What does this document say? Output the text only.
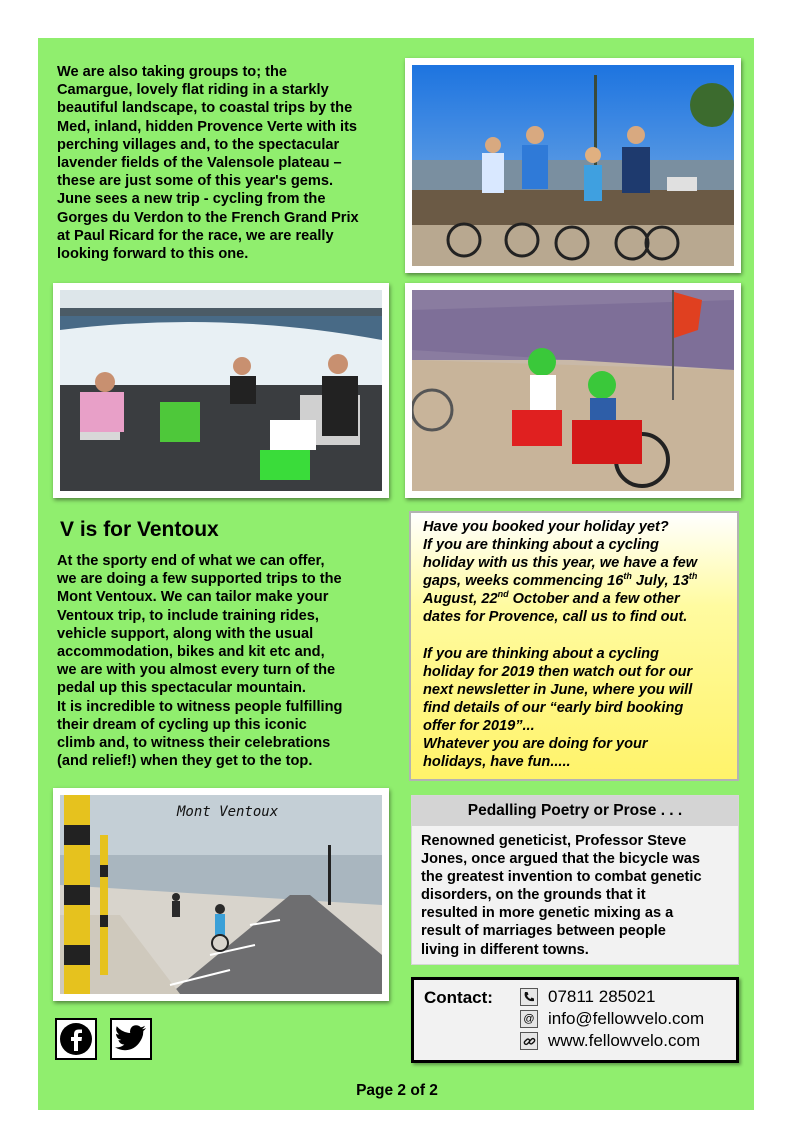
We are also taking groups to; the

Camargue, lovely flat riding in a starkly

beautiful landscape, to coastal trips by the

Med, inland, hidden Provence Verte with its

perching villages and, to the spectacular

lavender fields of the Valensole plateau –

these are just some of this year's gems.

June sees a new trip - cycling from the

Gorges du Verdon to the French Grand Prix

at Paul Ricard for the race, we are really

looking forward to this one.

V is for Ventoux

At the sporty end of what we can offer,

we are doing a few supported trips to the

Mont Ventoux. We can tailor make your

Ventoux trip, to include training rides,

vehicle support, along with the usual

accommodation, bikes and kit etc and,

we are with you almost every turn of the

pedal up this spectacular mountain.

It is incredible to witness people fulfilling

their dream of cycling up this iconic

climb and, to witness their celebrations

(and relief!) when they get to the top.

Have you booked your holiday yet?

If you are thinking about a cycling

holiday with us this year, we have a few

gaps, weeks commencing 16th July, 13th

August, 22nd October and a few other

dates for Provence, call us to find out.

If you are thinking about a cycling

holiday for 2019 then watch out for our

next newsletter in June, where you will

find details of our “early bird booking

offer for 2019”...

Whatever you are doing for your

holidays, have fun.....

Mont Ventoux	Pedalling Poetry or Prose . . .
Renowned geneticist, Professor Steve
Jones, once argued that the bicycle was
the greatest invention to combat genetic
disorders, on the grounds that it
resulted in more genetic mixing as a
result of marriages between people
living in different towns.
Contact:	07811 285021
@ info@fellowvelo.com
www.fellowvelo.com
Page 2 of 2
